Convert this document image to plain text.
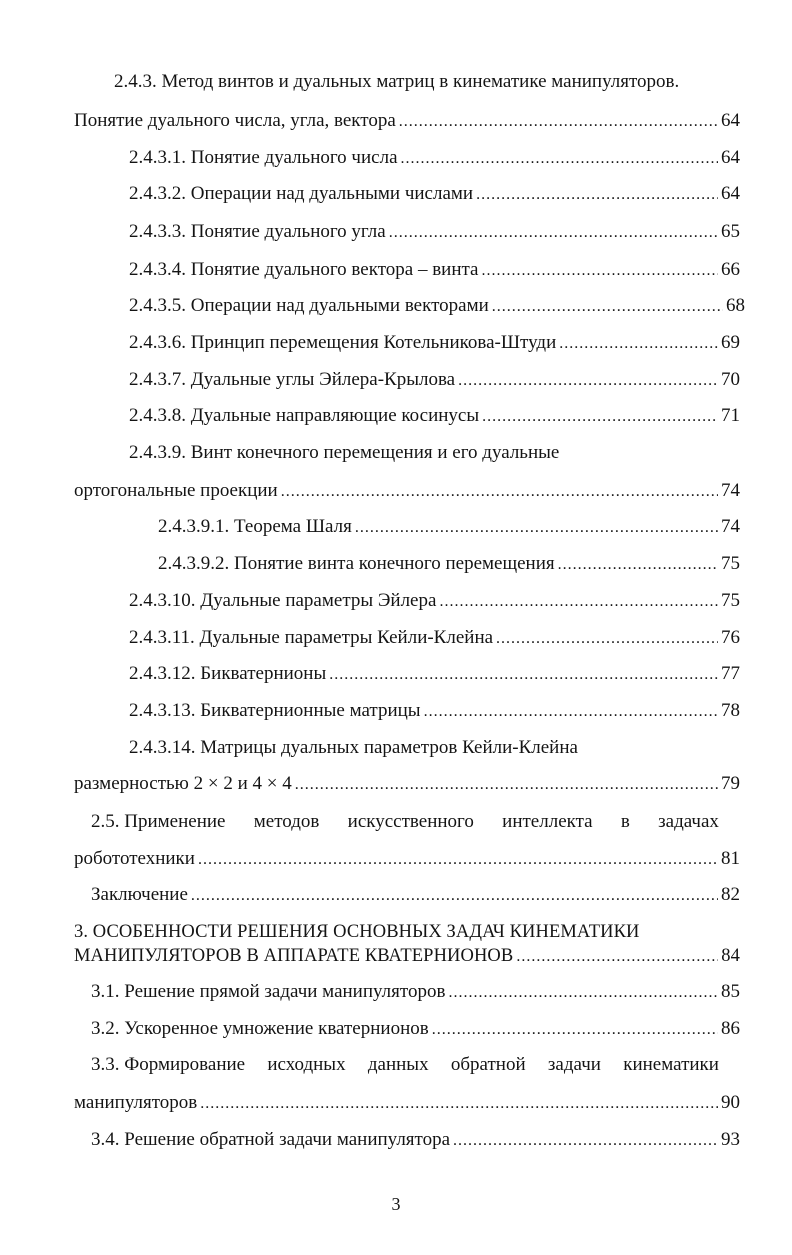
2.4.3. Метод винтов и дуальных матриц в кинематике манипуляторов.
Понятие дуального числа, угла, вектора .....	64
2.4.3.1. Понятие дуального числа .....	64
2.4.3.2. Операции над дуальными числами .....	64
2.4.3.3. Понятие дуального угла .....	65
2.4.3.4. Понятие дуального вектора – винта .....	66
2.4.3.5. Операции над дуальными векторами .....	68
2.4.3.6. Принцип перемещения Котельникова-Штуди .....	69
2.4.3.7. Дуальные углы Эйлера-Крылова .....	70
2.4.3.8. Дуальные направляющие косинусы .....	71
2.4.3.9. Винт конечного перемещения и его дуальные
ортогональные проекции .....	74
2.4.3.9.1. Теорема Шаля .....	74
2.4.3.9.2. Понятие винта конечного перемещения .....	75
2.4.3.10. Дуальные параметры Эйлера .....	75
2.4.3.11. Дуальные параметры Кейли-Клейна .....	76
2.4.3.12. Бикватернионы .....	77
2.4.3.13. Бикватернионные матрицы .....	78
2.4.3.14. Матрицы дуальных параметров Кейли-Клейна
размерностью 2 × 2 и 4 × 4 .....	79
2.5. Применение методов искусственного интеллекта в задачах
робототехники .....	81
Заключение .....	82
3. ОСОБЕННОСТИ РЕШЕНИЯ ОСНОВНЫХ ЗАДАЧ КИНЕМАТИКИ
МАНИПУЛЯТОРОВ В АППАРАТЕ КВАТЕРНИОНОВ .....	84
3.1. Решение прямой задачи манипуляторов .....	85
3.2. Ускоренное умножение кватернионов .....	86
3.3. Формирование исходных данных обратной задачи кинематики
манипуляторов .....	90
3.4. Решение обратной задачи манипулятора .....	93
3
